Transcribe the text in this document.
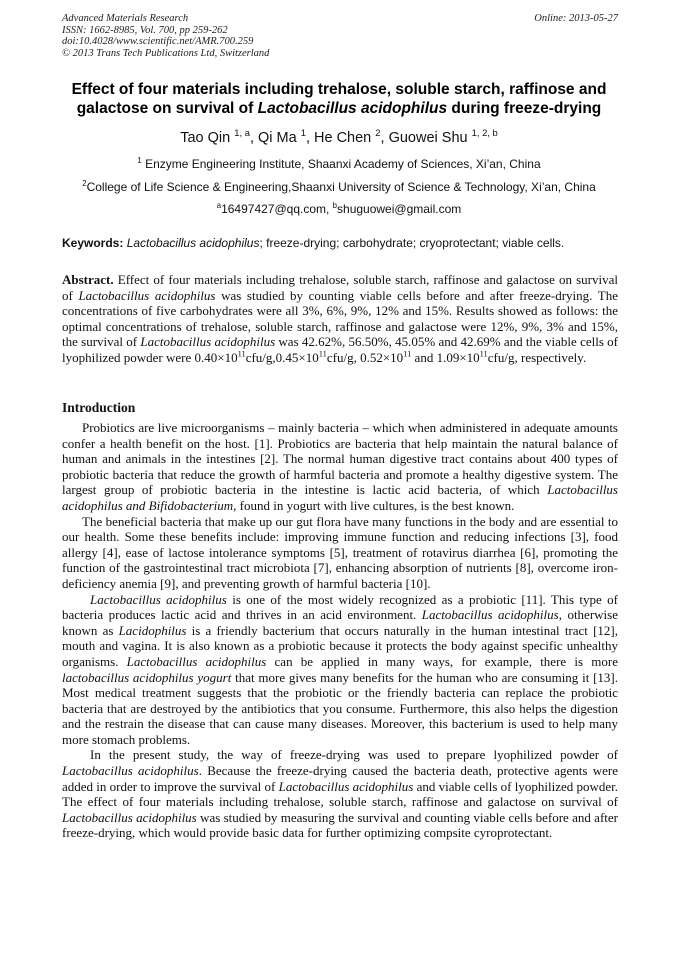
Advanced Materials Research
ISSN: 1662-8985, Vol. 700, pp 259-262
doi:10.4028/www.scientific.net/AMR.700.259
© 2013 Trans Tech Publications Ltd, Switzerland
Online: 2013-05-27
Effect of four materials including trehalose, soluble starch, raffinose and
galactose on survival of Lactobacillus acidophilus during freeze-drying
Tao Qin $^{1, a}$, Qi Ma $^1$, He Chen $^2$, Guowei Shu $^{1, 2, b}$
$^1$ Enzyme Engineering Institute, Shaanxi Academy of Sciences, Xi’an, China
$^2$College of Life Science & Engineering,Shaanxi University of Science & Technology, Xi’an, China
$^a$16497427@qq.com, $^b$shuguowei@gmail.com
Keywords: Lactobacillus acidophilus; freeze-drying; carbohydrate; cryoprotectant; viable cells.
Abstract. Effect of four materials including trehalose, soluble starch, raffinose and galactose on survival of Lactobacillus acidophilus was studied by counting viable cells before and after freeze-drying. The concentrations of five carbohydrates were all 3%, 6%, 9%, 12% and 15%. Results showed as follows: the optimal concentrations of trehalose, soluble starch, raffinose and galactose were 12%, 9%, 3% and 15%, the survival of Lactobacillus acidophilus was 42.62%, 56.50%, 45.05% and 42.69% and the viable cells of lyophilized powder were $0.40\times 10^{11}cfu/g,0.45\times 10^{11}cfu/g$, $0.52\times 10^{11}$ and $1.09\times 10^{11}cfu/g$, respectively.
Introduction

Probiotics are live microorganisms – mainly bacteria – which when administered in adequate amounts confer a health benefit on the host. [1]. Probiotics are bacteria that help maintain the natural balance of human and animals in the intestines [2]. The normal human digestive tract contains about 400 types of probiotic bacteria that reduce the growth of harmful bacteria and promote a healthy digestive system. The largest group of probiotic bacteria in the intestine is lactic acid bacteria, of which Lactobacillus acidophilus and Bifidobacterium, found in yogurt with live cultures, is the best known.

The beneficial bacteria that make up our gut flora have many functions in the body and are essential to our health. Some these benefits include: improving immune function and reducing infections [3], food allergy [4], ease of lactose intolerance symptoms [5], treatment of rotavirus diarrhea [6], promoting the function of the gastrointestinal tract microbiota [7], enhancing absorption of nutrients [8], overcome iron-deficiency anemia [9], and preventing growth of harmful bacteria [10].

Lactobacillus acidophilus is one of the most widely recognized as a probiotic [11]. This type of bacteria produces lactic acid and thrives in an acid environment. Lactobacillus acidophilus, otherwise known as Lacidophilus is a friendly bacterium that occurs naturally in the human intestinal tract [12], mouth and vagina. It is also known as a probiotic because it protects the body against specific unhealthy organisms. Lactobacillus acidophilus can be applied in many ways, for example, there is more lactobacillus acidophilus yogurt that more gives many benefits for the human who are consuming it [13]. Most medical treatment suggests that the probiotic or the friendly bacteria can replace the probiotic bacteria that are destroyed by the antibiotics that you consume. Furthermore, this also helps the digestion and the restrain the disease that can cause many diseases. Moreover, this bacterium is used to help many more stomach problems.

In the present study, the way of freeze-drying was used to prepare lyophilized powder of Lactobacillus acidophilus. Because the freeze-drying caused the bacteria death, protective agents were added in order to improve the survival of Lactobacillus acidophilus and viable cells of lyophilized powder. The effect of four materials including trehalose, soluble starch, raffinose and galactose on survival of Lactobacillus acidophilus was studied by measuring the survival and counting viable cells before and after freeze-drying, which would provide basic data for further optimizing compsite cyroprotectant.
